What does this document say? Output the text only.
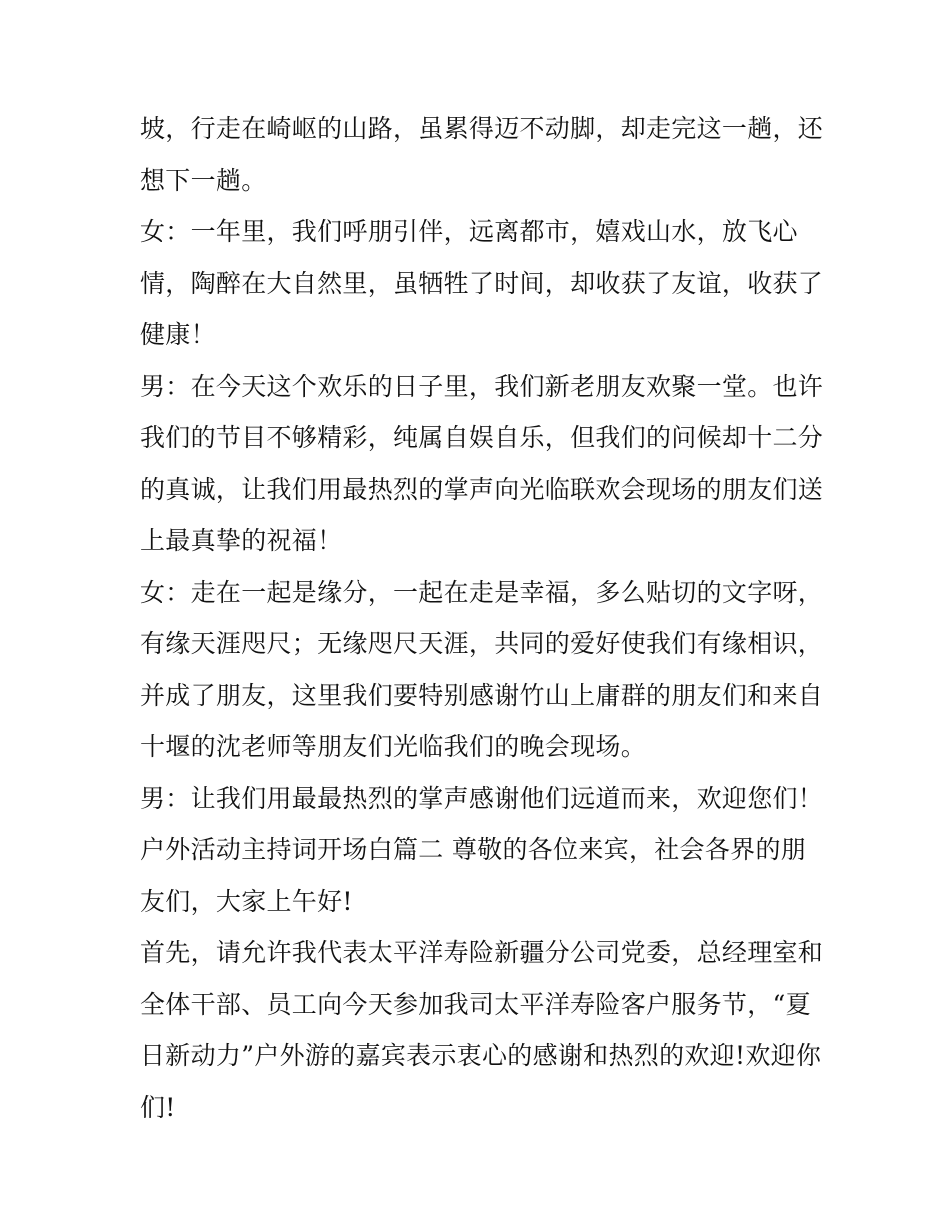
坡，行走在崎岖的山路，虽累得迈不动脚，却走完这一趟，还
想下一趟。
女：一年里，我们呼朋引伴，远离都市，嬉戏山水，放飞心
情，陶醉在大自然里，虽牺牲了时间，却收获了友谊，收获了
健康！
男：在今天这个欢乐的日子里，我们新老朋友欢聚一堂。也许
我们的节目不够精彩，纯属自娱自乐，但我们的问候却十二分
的真诚，让我们用最热烈的掌声向光临联欢会现场的朋友们送
上最真挚的祝福！
女：走在一起是缘分，一起在走是幸福，多么贴切的文字呀，
有缘天涯咫尺；无缘咫尺天涯，共同的爱好使我们有缘相识，
并成了朋友，这里我们要特别感谢竹山上庸群的朋友们和来自
十堰的沈老师等朋友们光临我们的晚会现场。
男：让我们用最最热烈的掌声感谢他们远道而来，欢迎您们！
户外活动主持词开场白篇二 尊敬的各位来宾，社会各界的朋
友们，大家上午好!
首先，请允许我代表太平洋寿险新疆分公司党委，总经理室和
全体干部、员工向今天参加我司太平洋寿险客户服务节，“夏
日新动力”户外游的嘉宾表示衷心的感谢和热烈的欢迎!欢迎你
们!
